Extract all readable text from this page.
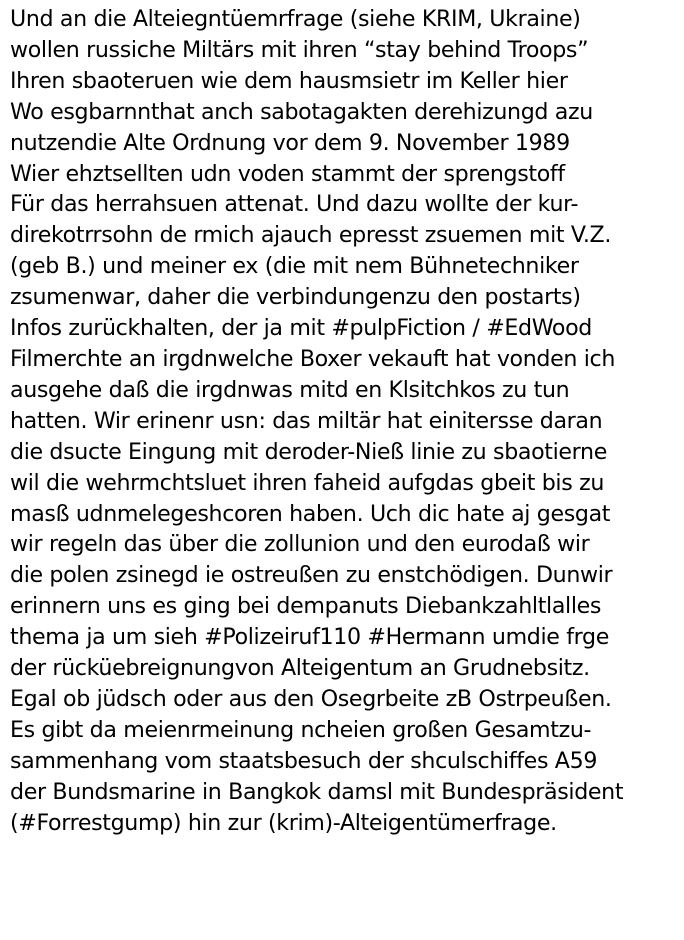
Und an die Alteiegntüemrfrage (siehe KRIM, Ukraine)
wollen russiche Miltärs mit ihren “stay behind Troops”
Ihren sbaoteruen wie dem hausmsietr im Keller hier
Wo esgbarnnthat anch sabotagakten derehizungd azu
nutzendie Alte Ordnung vor dem 9. November 1989
Wier ehztsellten udn voden stammt der sprengstoff
Für das herrahsuen attenat. Und dazu wollte der kur-
direkotrrsohn de rmich ajauch epresst zsuemen mit V.Z.
(geb B.) und meiner ex (die mit nem Bühnetechniker
zsumenwar, daher die verbindungenzu den postarts)
Infos zurückhalten, der ja mit #pulpFiction / #EdWood
Filmerchte an irgdnwelche Boxer vekauft hat vonden ich
ausgehe daß die irgdnwas mitd en Klsitchkos zu tun
hatten. Wir erinenr usn: das miltär hat einitersse daran
die dsucte Eingung mit deroder-Nieß linie zu sbaotierne
wil die wehrmchtsluet ihren faheid aufgdas gbeit bis zu
masß udnmelegeshcoren haben. Uch dic hate aj gesgat
wir regeln das über die zollunion und den eurodaß wir
die polen zsinegd ie ostreußen zu enstchödigen. Dunwir
erinnern uns es ging bei dempanuts Diebankzahltlalles
thema ja um sieh #Polizeiruf110 #Hermann umdie frge
der rücküebreignungvon Alteigentum an Grudnebsitz.
Egal ob jüdsch oder aus den Osegrbeite zB Ostrpeußen.
Es gibt da meienrmeinung ncheien großen Gesamtzu-
sammenhang vom staatsbesuch der shculschiffes A59
der Bundsmarine in Bangkok damsl mit Bundespräsident
(#Forrestgump) hin zur (krim)-Alteigentümerfrage.
